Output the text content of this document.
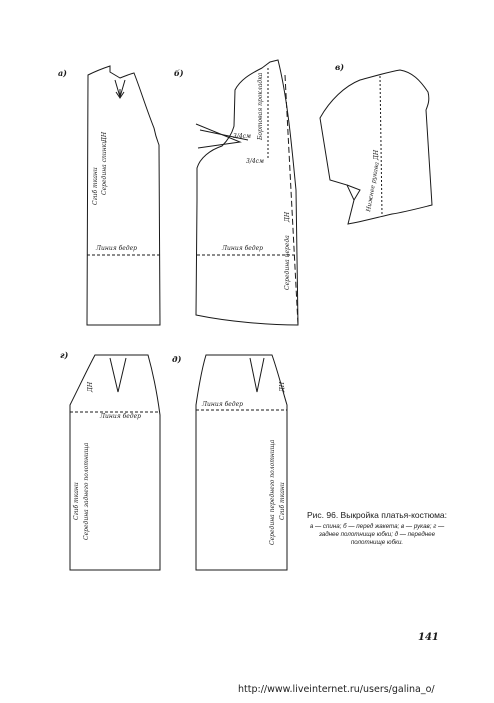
а)	б)
в)
г)	д)
Сгиб ткани Середина спинки
ДН
Линия бедер
Бортовая прокладка
3/4см
3/4см
ДН
Середина переда
Линия бедер
ДН
Нижнее рукава
ДН
Линия бедер
Сгиб ткани Середина заднего полотнища
ДН
Линия бедер
Середина переднего полотнища Сгиб ткани	Рис. 96. Выкройка платья-костюма:
а — спина; б — перед жакета; в — рукав; г — заднее полотнище юбки; д — переднее полотнище юбки.
141
http://www.liveinternet.ru/users/galina_o/
